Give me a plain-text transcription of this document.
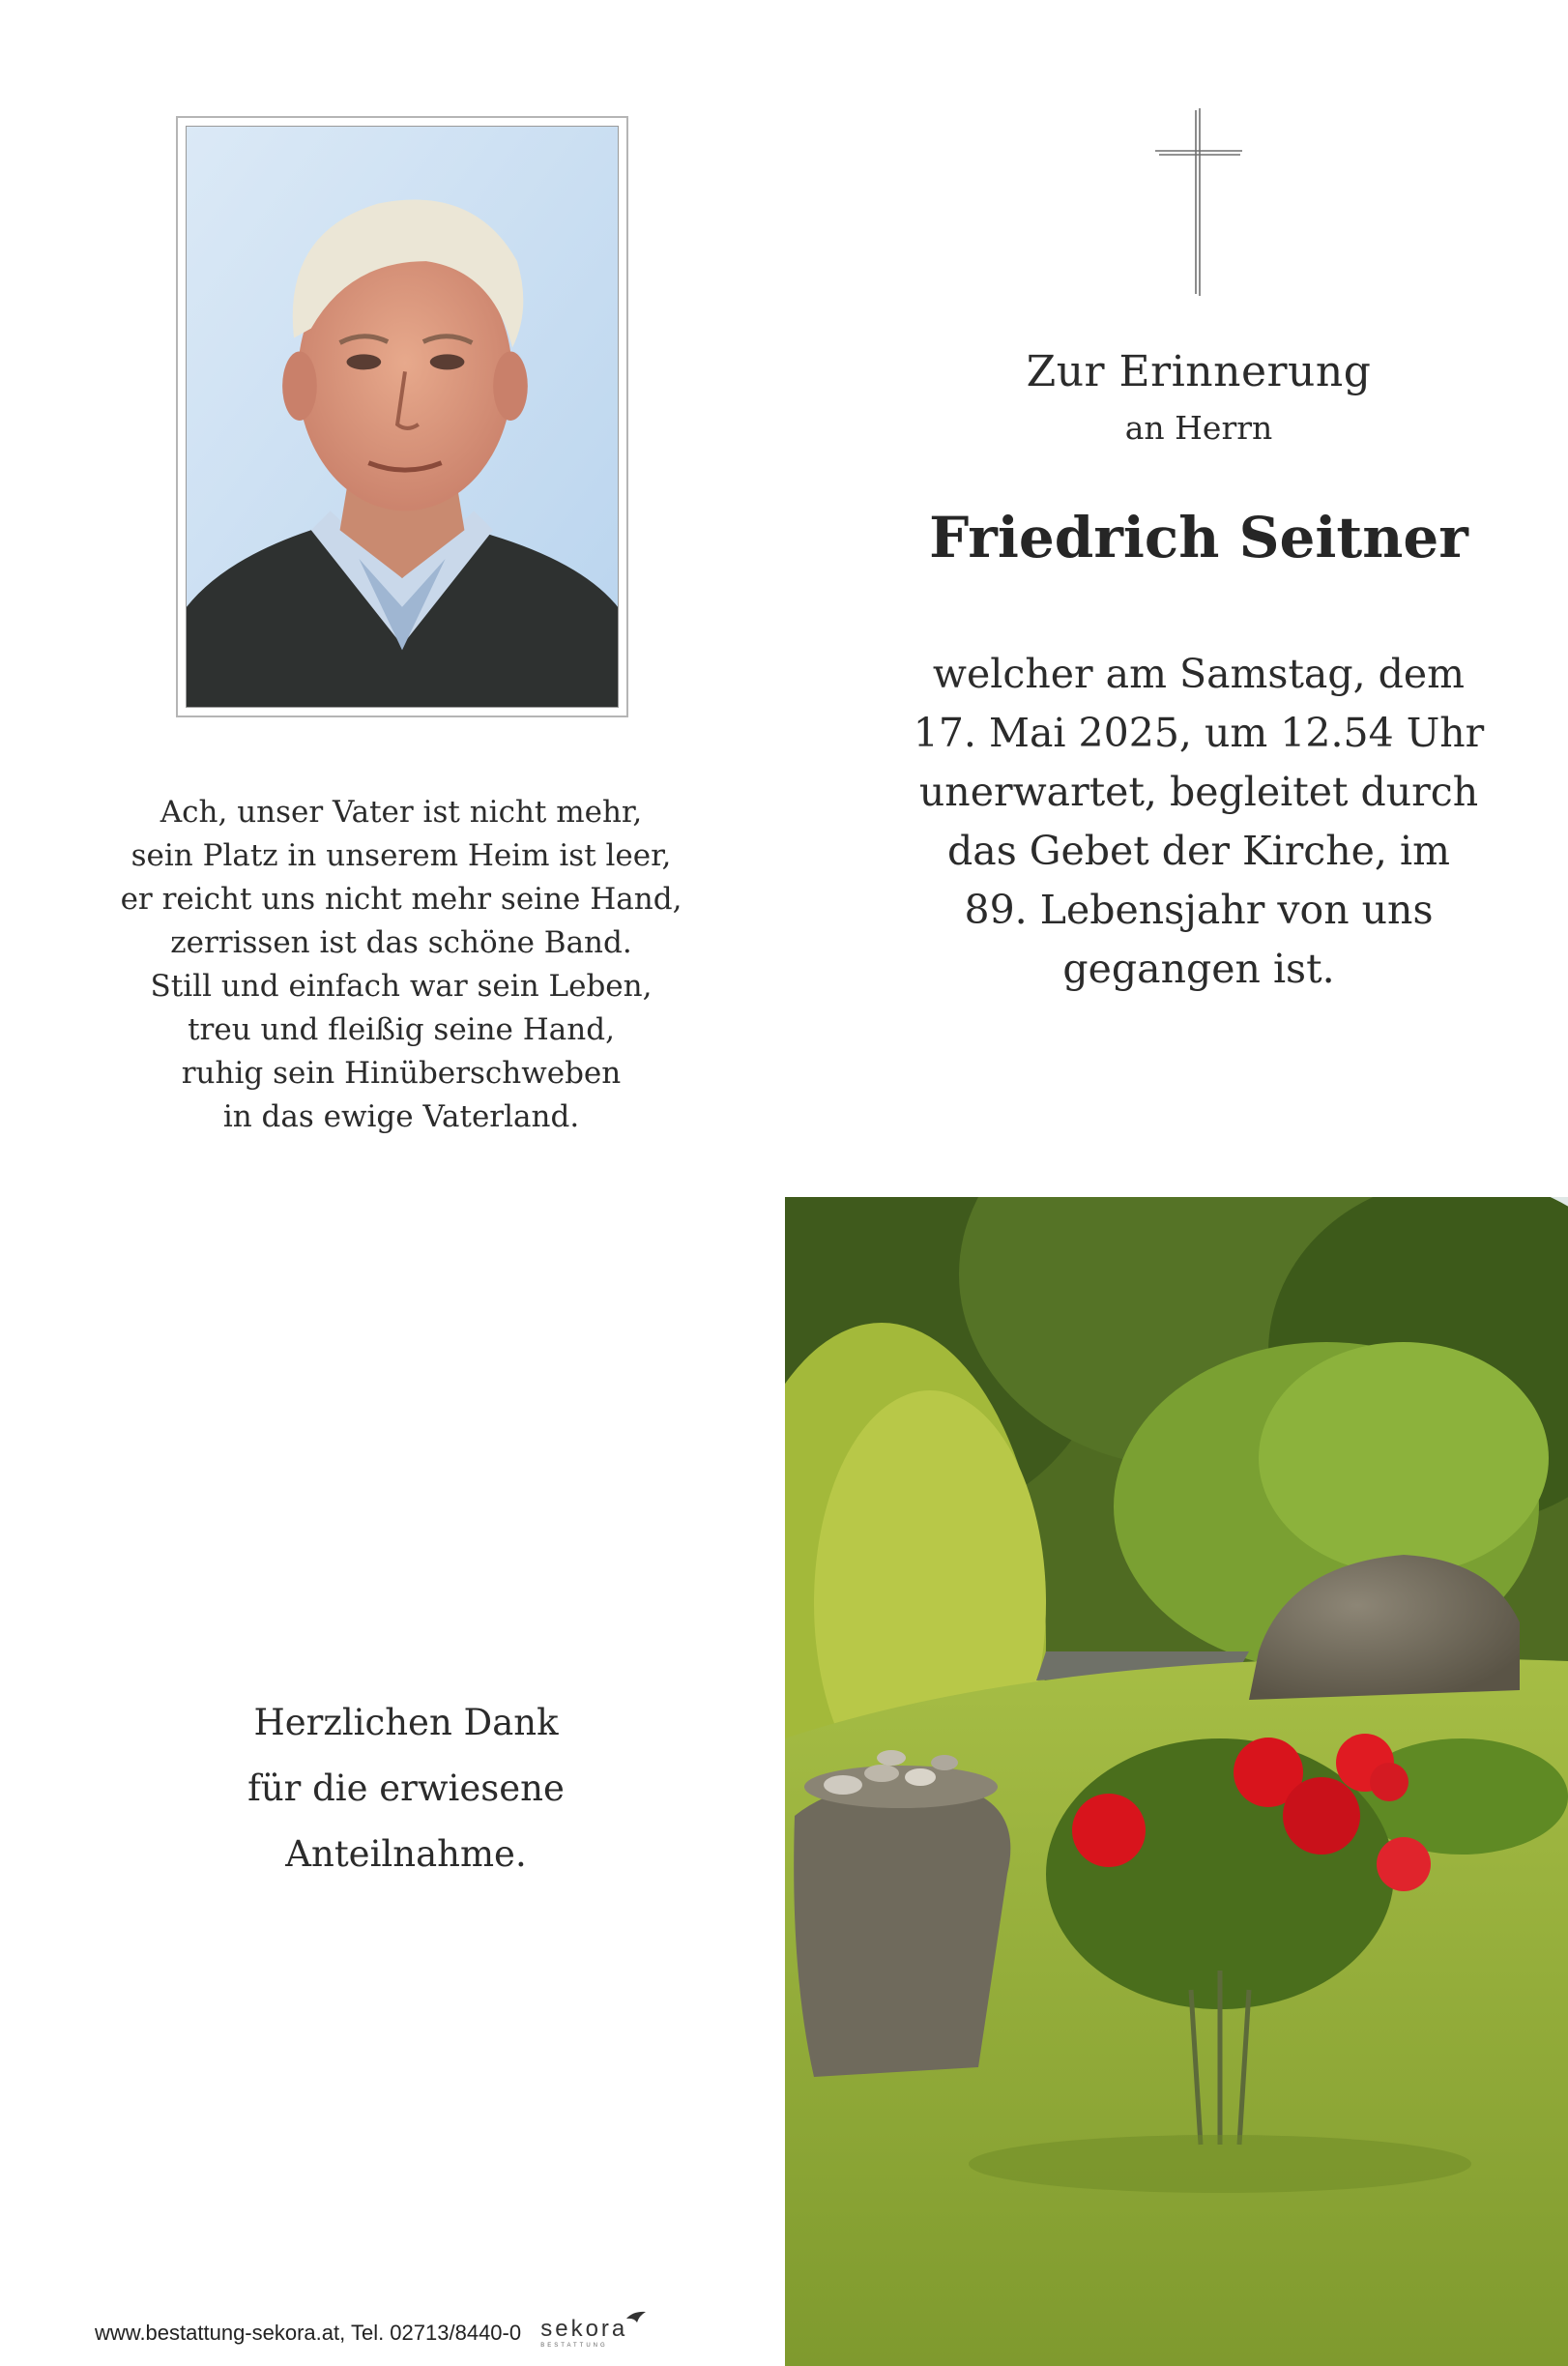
Ach, unser Vater ist nicht mehr,

sein Platz in unserem Heim ist leer,

er reicht uns nicht mehr seine Hand,

zerrissen ist das schöne Band.

Still und einfach war sein Leben,

treu und fleißig seine Hand,

ruhig sein Hinüberschweben

in das ewige Vaterland.

Zur Erinnerung
an Herrn
Friedrich Seitner

welcher am Samstag, dem

17. Mai 2025, um 12.54 Uhr

unerwartet, begleitet durch

das Gebet der Kirche, im

89. Lebensjahr von uns

gegangen ist.

Herzlichen Dank

für die erwiesene

Anteilnahme.

www.bestattung-sekora.at, Tel. 02713/8440-0 sekora
BESTATTUNG
